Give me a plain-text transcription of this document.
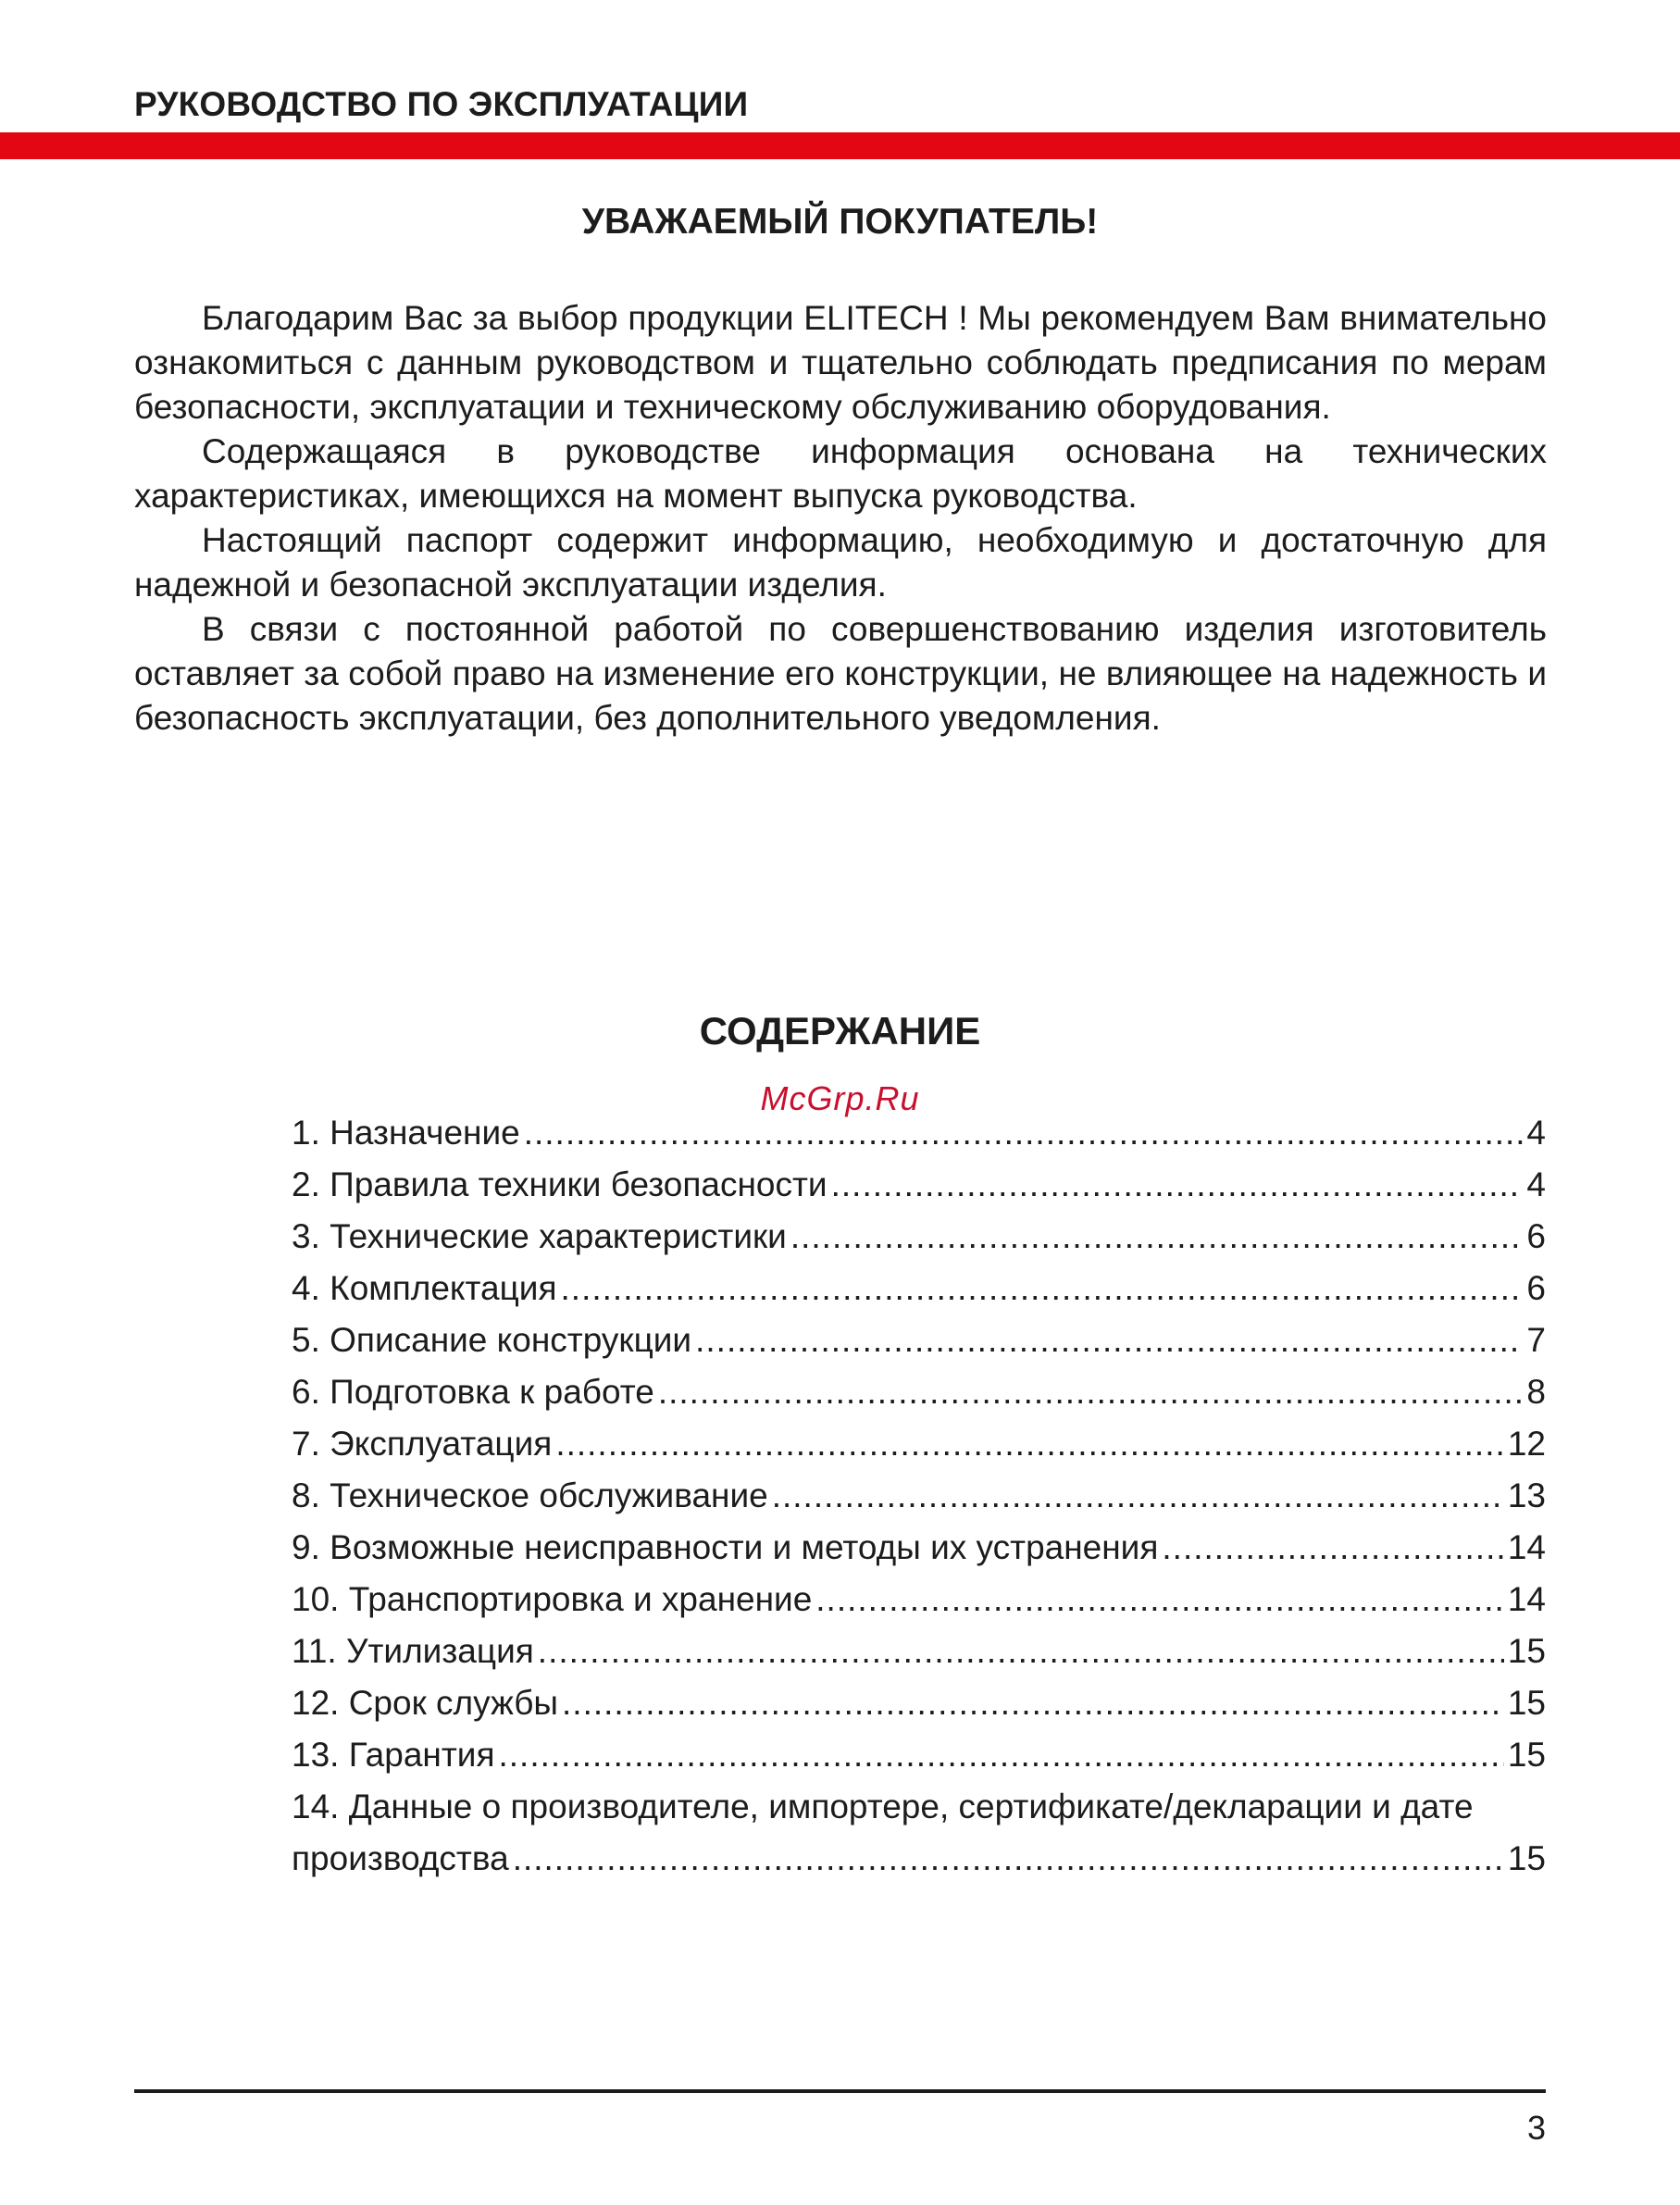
РУКОВОДСТВО ПО ЭКСПЛУАТАЦИИ
УВАЖАЕМЫЙ ПОКУПАТЕЛЬ!

Благодарим Вас за выбор продукции ELITECH ! Мы рекомендуем Вам внимательно ознакомиться с данным руководством и тщательно соблюдать предписания по мерам безопасности, эксплуатации и техническому обслуживанию оборудования.

Содержащаяся в руководстве информация основана на технических характеристиках, имеющихся на момент выпуска руководства.

Настоящий паспорт содержит информацию, необходимую и достаточную для надежной и безопасной эксплуатации изделия.

В связи с постоянной работой по совершенствованию изделия изготовитель оставляет за собой право на изменение его конструкции, не влияющее на надежность и безопасность эксплуатации, без дополнительного уведомления.

СОДЕРЖАНИЕ
McGrp.Ru
1. Назначение .....	4
2. Правила техники безопасности .....	4
3. Технические характеристики .....	6
4. Комплектация .....	6
5. Описание конструкции .....	7
6. Подготовка к работе .....	8
7. Эксплуатация .....	12
8. Техническое обслуживание .....	13
9. Возможные неисправности и методы их устранения .....	14
10. Транспортировка и хранение .....	14
11. Утилизация .....	15
12. Срок службы .....	15
13. Гарантия .....	15
14. Данные о производителе, импортере, сертификате/декларации и дате
производства .....	15
3
